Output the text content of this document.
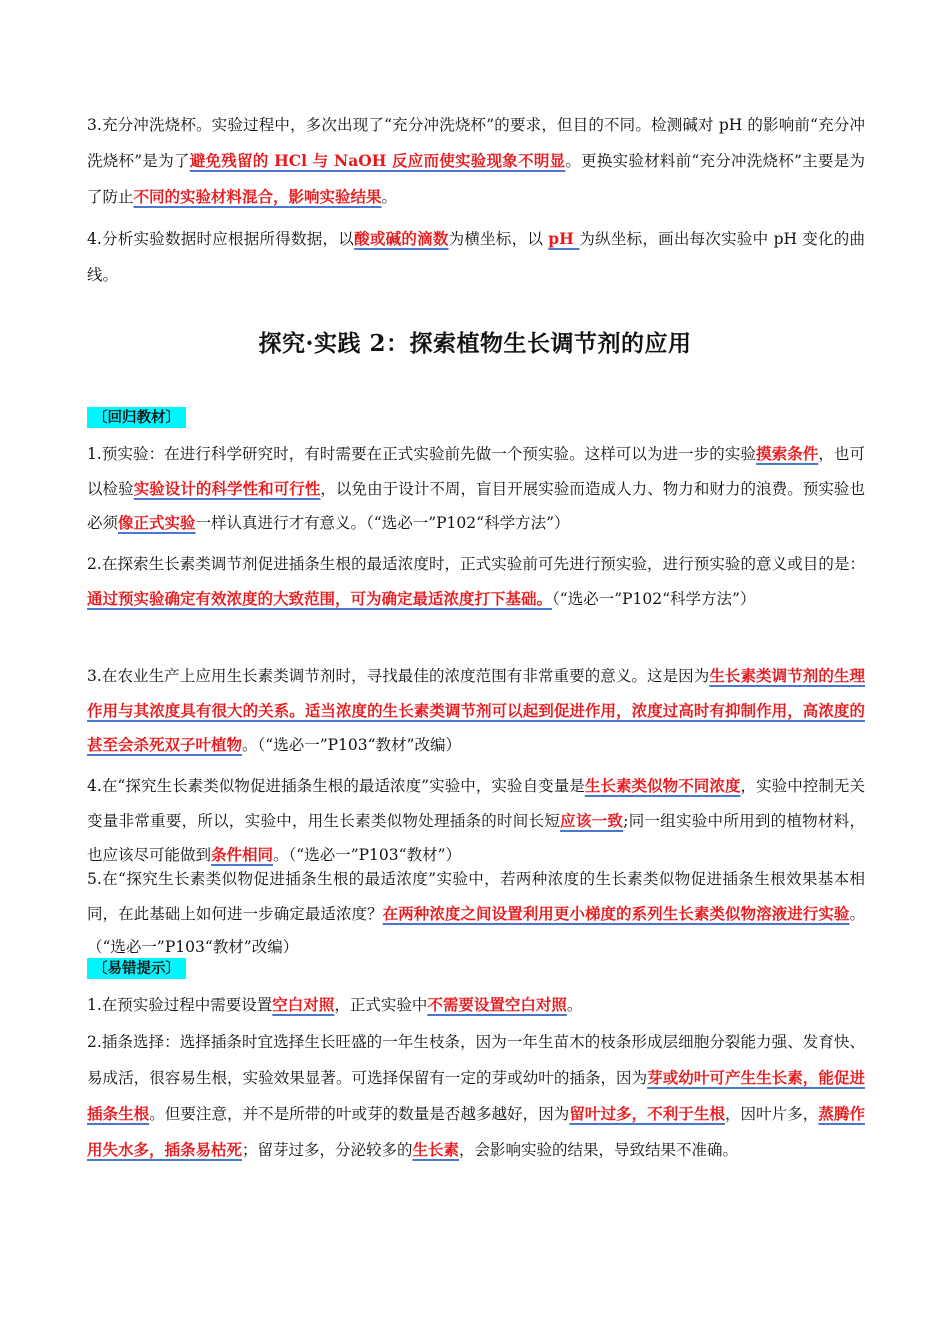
3.充分冲洗烧杯。实验过程中，多次出现了“充分冲洗烧杯”的要求，但目的不同。检测碱对 pH 的影响前“充分冲洗烧杯”是为了避免残留的 HCl 与 NaOH 反应而使实验现象不明显。更换实验材料前“充分冲洗烧杯”主要是为了防止不同的实验材料混合，影响实验结果。
4.分析实验数据时应根据所得数据，以酸或碱的滴数为横坐标，以 pH 为纵坐标，画出每次实验中 pH 变化的曲线。
探究·实践 2：探索植物生长调节剂的应用
〔回归教材〕
1.预实验：在进行科学研究时，有时需要在正式实验前先做一个预实验。这样可以为进一步的实验摸索条件，也可以检验实验设计的科学性和可行性，以免由于设计不周，盲目开展实验而造成人力、物力和财力的浪费。预实验也必须像正式实验一样认真进行才有意义。（“选必一”P102“科学方法”）
2.在探索生长素类调节剂促进插条生根的最适浓度时，正式实验前可先进行预实验，进行预实验的意义或目的是：通过预实验确定有效浓度的大致范围，可为确定最适浓度打下基础。（“选必一”P102“科学方法”）
3.在农业生产上应用生长素类调节剂时，寻找最佳的浓度范围有非常重要的意义。这是因为生长素类调节剂的生理作用与其浓度具有很大的关系。适当浓度的生长素类调节剂可以起到促进作用，浓度过高时有抑制作用，高浓度的甚至会杀死双子叶植物。（“选必一”P103“教材”改编）
4.在“探究生长素类似物促进插条生根的最适浓度”实验中，实验自变量是生长素类似物不同浓度，实验中控制无关变量非常重要，所以，实验中，用生长素类似物处理插条的时间长短应该一致;同一组实验中所用到的植物材料，也应该尽可能做到条件相同。（“选必一”P103“教材”）
5.在“探究生长素类似物促进插条生根的最适浓度”实验中，若两种浓度的生长素类似物促进插条生根效果基本相同，在此基础上如何进一步确定最适浓度？在两种浓度之间设置利用更小梯度的系列生长素类似物溶液进行实验。（“选必一”P103“教材”改编）
〔易错提示〕
1.在预实验过程中需要设置空白对照，正式实验中不需要设置空白对照。
2.插条选择：选择插条时宜选择生长旺盛的一年生枝条，因为一年生苗木的枝条形成层细胞分裂能力强、发育快、易成活，很容易生根，实验效果显著。可选择保留有一定的芽或幼叶的插条，因为芽或幼叶可产生生长素，能促进插条生根。但要注意，并不是所带的叶或芽的数量是否越多越好，因为留叶过多，不利于生根，因叶片多，蒸腾作用失水多，插条易枯死；留芽过多，分泌较多的生长素，会影响实验的结果，导致结果不准确。
